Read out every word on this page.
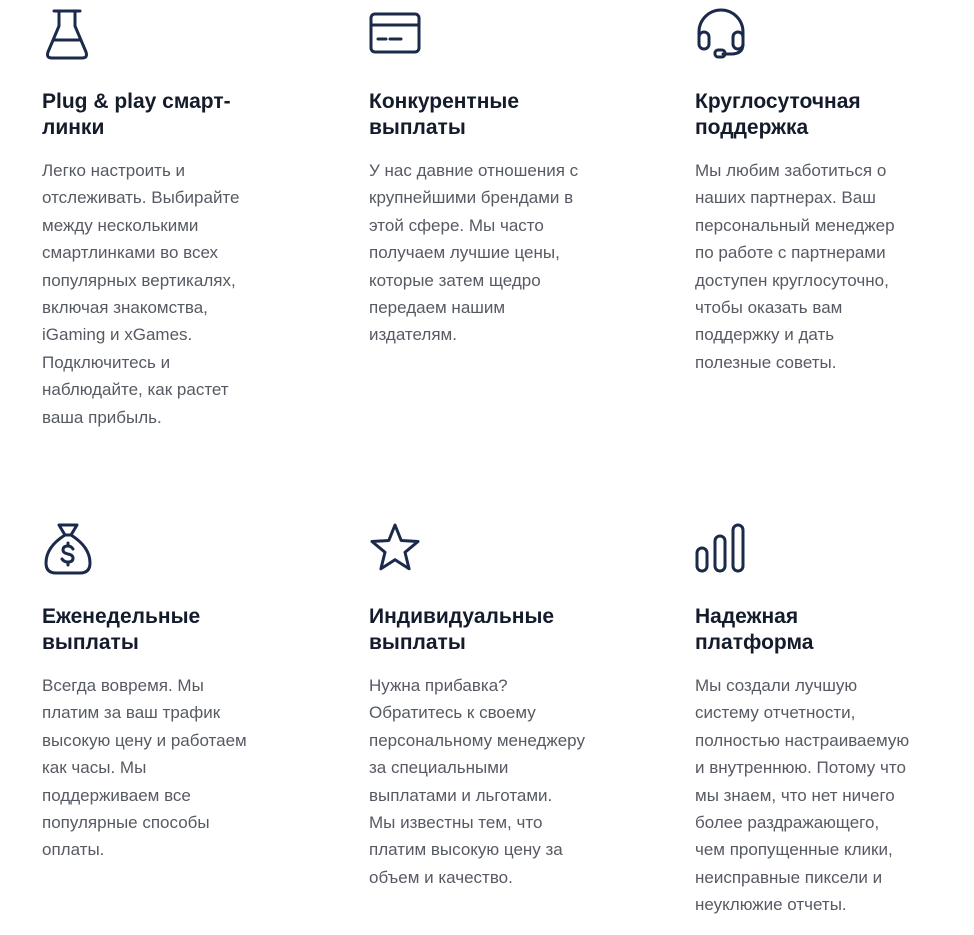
Plug & play смарт-
линки

Легко настроить и
отслеживать. Выбирайте
между несколькими
смартлинками во всех
популярных вертикалях,
включая знакомства,
iGaming и xGames.
Подключитесь и
наблюдайте, как растет
ваша прибыль.

Конкурентные
выплаты

У нас давние отношения с
крупнейшими брендами в
этой сфере. Мы часто
получаем лучшие цены,
которые затем щедро
передаем нашим
издателям.

Круглосуточная
поддержка

Мы любим заботиться о
наших партнерах. Ваш
персональный менеджер
по работе с партнерами
доступен круглосуточно,
чтобы оказать вам
поддержку и дать
полезные советы.

Еженедельные
выплаты

Всегда вовремя. Мы
платим за ваш трафик
высокую цену и работаем
как часы. Мы
поддерживаем все
популярные способы
оплаты.

Индивидуальные
выплаты

Нужна прибавка?
Обратитесь к своему
персональному менеджеру
за специальными
выплатами и льготами.
Мы известны тем, что
платим высокую цену за
объем и качество.

Надежная
платформа

Мы создали лучшую
систему отчетности,
полностью настраиваемую
и внутреннюю. Потому что
мы знаем, что нет ничего
более раздражающего,
чем пропущенные клики,
неисправные пиксели и
неуклюжие отчеты.
